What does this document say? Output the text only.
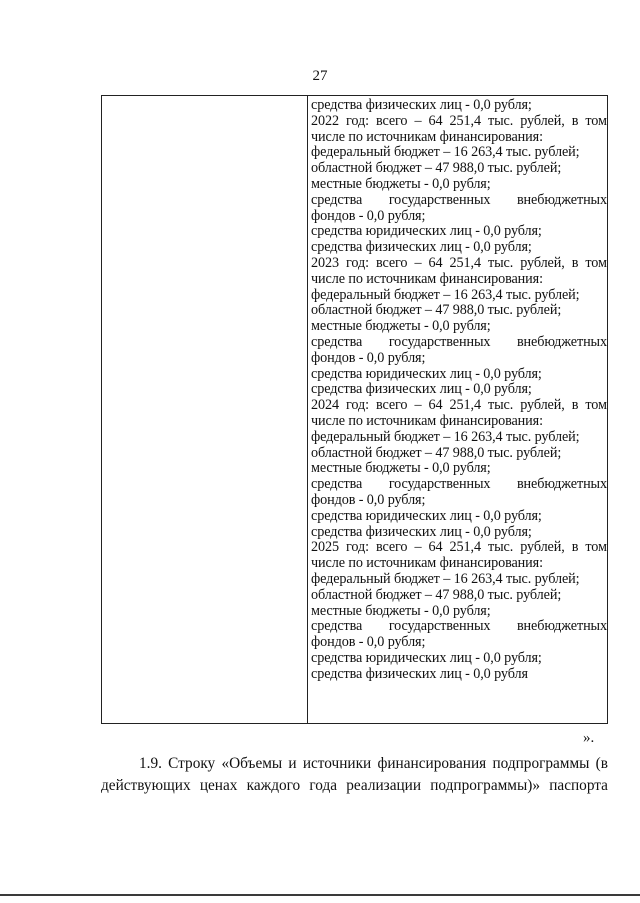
27
средства физических лиц - 0,0 рубля;
2022 год: всего – 64 251,4 тыс. рублей, в том
числе по источникам финансирования:
федеральный бюджет – 16 263,4 тыс. рублей;
областной бюджет – 47 988,0 тыс. рублей;
местные бюджеты - 0,0 рубля;
средства государственных внебюджетных
фондов - 0,0 рубля;
средства юридических лиц - 0,0 рубля;
средства физических лиц - 0,0 рубля;
2023 год: всего – 64 251,4 тыс. рублей, в том
числе по источникам финансирования:
федеральный бюджет – 16 263,4 тыс. рублей;
областной бюджет – 47 988,0 тыс. рублей;
местные бюджеты - 0,0 рубля;
средства государственных внебюджетных
фондов - 0,0 рубля;
средства юридических лиц - 0,0 рубля;
средства физических лиц - 0,0 рубля;
2024 год: всего – 64 251,4 тыс. рублей, в том
числе по источникам финансирования:
федеральный бюджет – 16 263,4 тыс. рублей;
областной бюджет – 47 988,0 тыс. рублей;
местные бюджеты - 0,0 рубля;
средства государственных внебюджетных
фондов - 0,0 рубля;
средства юридических лиц - 0,0 рубля;
средства физических лиц - 0,0 рубля;
2025 год: всего – 64 251,4 тыс. рублей, в том
числе по источникам финансирования:
федеральный бюджет – 16 263,4 тыс. рублей;
областной бюджет – 47 988,0 тыс. рублей;
местные бюджеты - 0,0 рубля;
средства государственных внебюджетных
фондов - 0,0 рубля;
средства юридических лиц - 0,0 рубля;
средства физических лиц - 0,0 рубля
».
1.9. Строку «Объемы и источники финансирования подпрограммы (в
действующих ценах каждого года реализации подпрограммы)» паспорта
